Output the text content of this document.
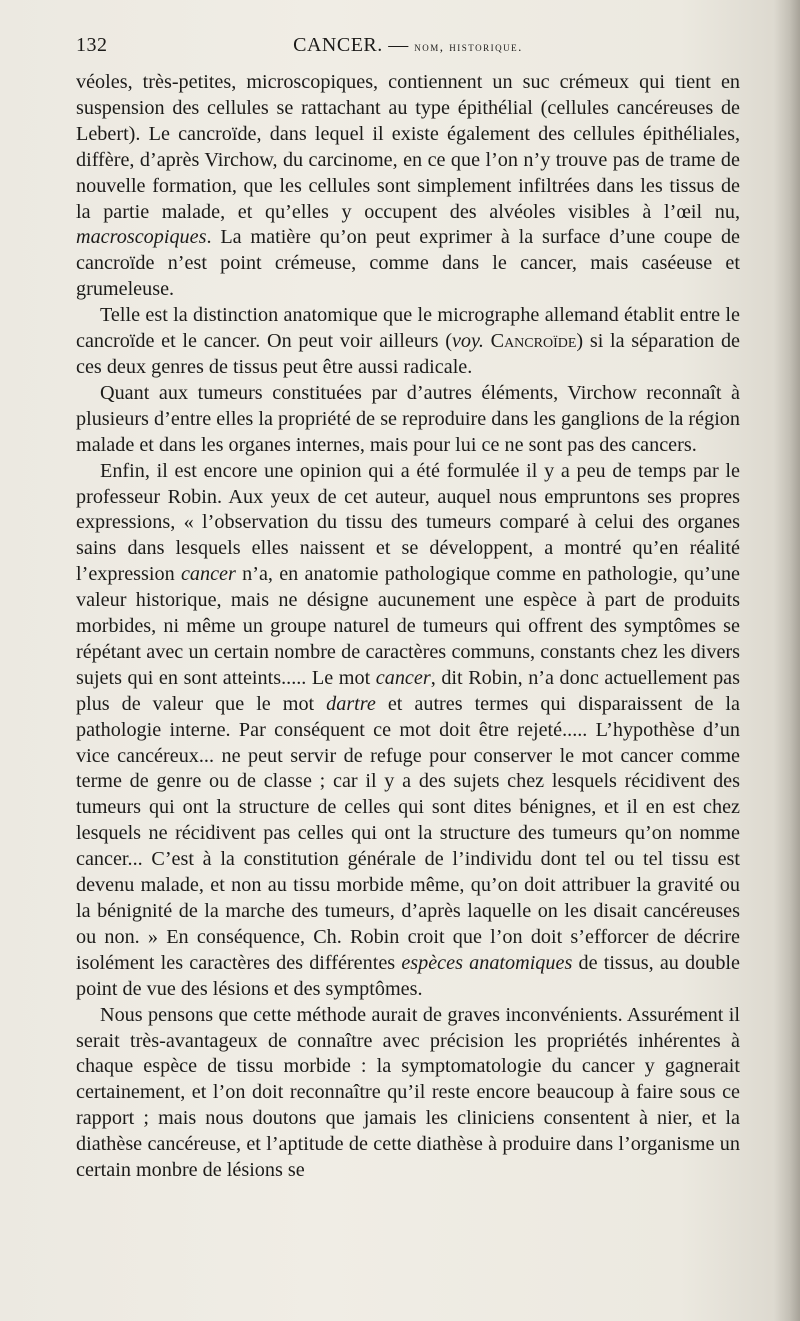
132	CANCER. — nom, historique.

véoles, très-petites, microscopiques, contiennent un suc crémeux qui tient en suspension des cellules se rattachant au type épithélial (cellules cancéreuses de Lebert). Le cancroïde, dans lequel il existe également des cellules épithéliales, diffère, d’après Virchow, du carcinome, en ce que l’on n’y trouve pas de trame de nouvelle formation, que les cellules sont simplement infiltrées dans les tissus de la partie malade, et qu’elles y occupent des alvéoles visibles à l’œil nu, macroscopiques. La matière qu’on peut exprimer à la surface d’une coupe de cancroïde n’est point crémeuse, comme dans le cancer, mais caséeuse et grumeleuse.

Telle est la distinction anatomique que le micrographe allemand établit entre le cancroïde et le cancer. On peut voir ailleurs (voy. Cancroïde) si la séparation de ces deux genres de tissus peut être aussi radicale.

Quant aux tumeurs constituées par d’autres éléments, Virchow reconnaît à plusieurs d’entre elles la propriété de se reproduire dans les ganglions de la région malade et dans les organes internes, mais pour lui ce ne sont pas des cancers.

Enfin, il est encore une opinion qui a été formulée il y a peu de temps par le professeur Robin. Aux yeux de cet auteur, auquel nous empruntons ses propres expressions, « l’observation du tissu des tumeurs comparé à celui des organes sains dans lesquels elles naissent et se développent, a montré qu’en réalité l’expression cancer n’a, en anatomie pathologique comme en pathologie, qu’une valeur historique, mais ne désigne aucunement une espèce à part de produits morbides, ni même un groupe naturel de tumeurs qui offrent des symptômes se répétant avec un certain nombre de caractères communs, constants chez les divers sujets qui en sont atteints..... Le mot cancer, dit Robin, n’a donc actuellement pas plus de valeur que le mot dartre et autres termes qui disparaissent de la pathologie interne. Par conséquent ce mot doit être rejeté..... L’hypothèse d’un vice cancéreux... ne peut servir de refuge pour conserver le mot cancer comme terme de genre ou de classe ; car il y a des sujets chez lesquels récidivent des tumeurs qui ont la structure de celles qui sont dites bénignes, et il en est chez lesquels ne récidivent pas celles qui ont la structure des tumeurs qu’on nomme cancer... C’est à la constitution générale de l’individu dont tel ou tel tissu est devenu malade, et non au tissu morbide même, qu’on doit attribuer la gravité ou la bénignité de la marche des tumeurs, d’après laquelle on les disait cancéreuses ou non. » En conséquence, Ch. Robin croit que l’on doit s’efforcer de décrire isolément les caractères des différentes espèces anatomiques de tissus, au double point de vue des lésions et des symptômes.

Nous pensons que cette méthode aurait de graves inconvénients. Assurément il serait très-avantageux de connaître avec précision les propriétés inhérentes à chaque espèce de tissu morbide : la symptomatologie du cancer y gagnerait certainement, et l’on doit reconnaître qu’il reste encore beaucoup à faire sous ce rapport ; mais nous doutons que jamais les cliniciens consentent à nier, et la diathèse cancéreuse, et l’aptitude de cette diathèse à produire dans l’organisme un certain monbre de lésions se
